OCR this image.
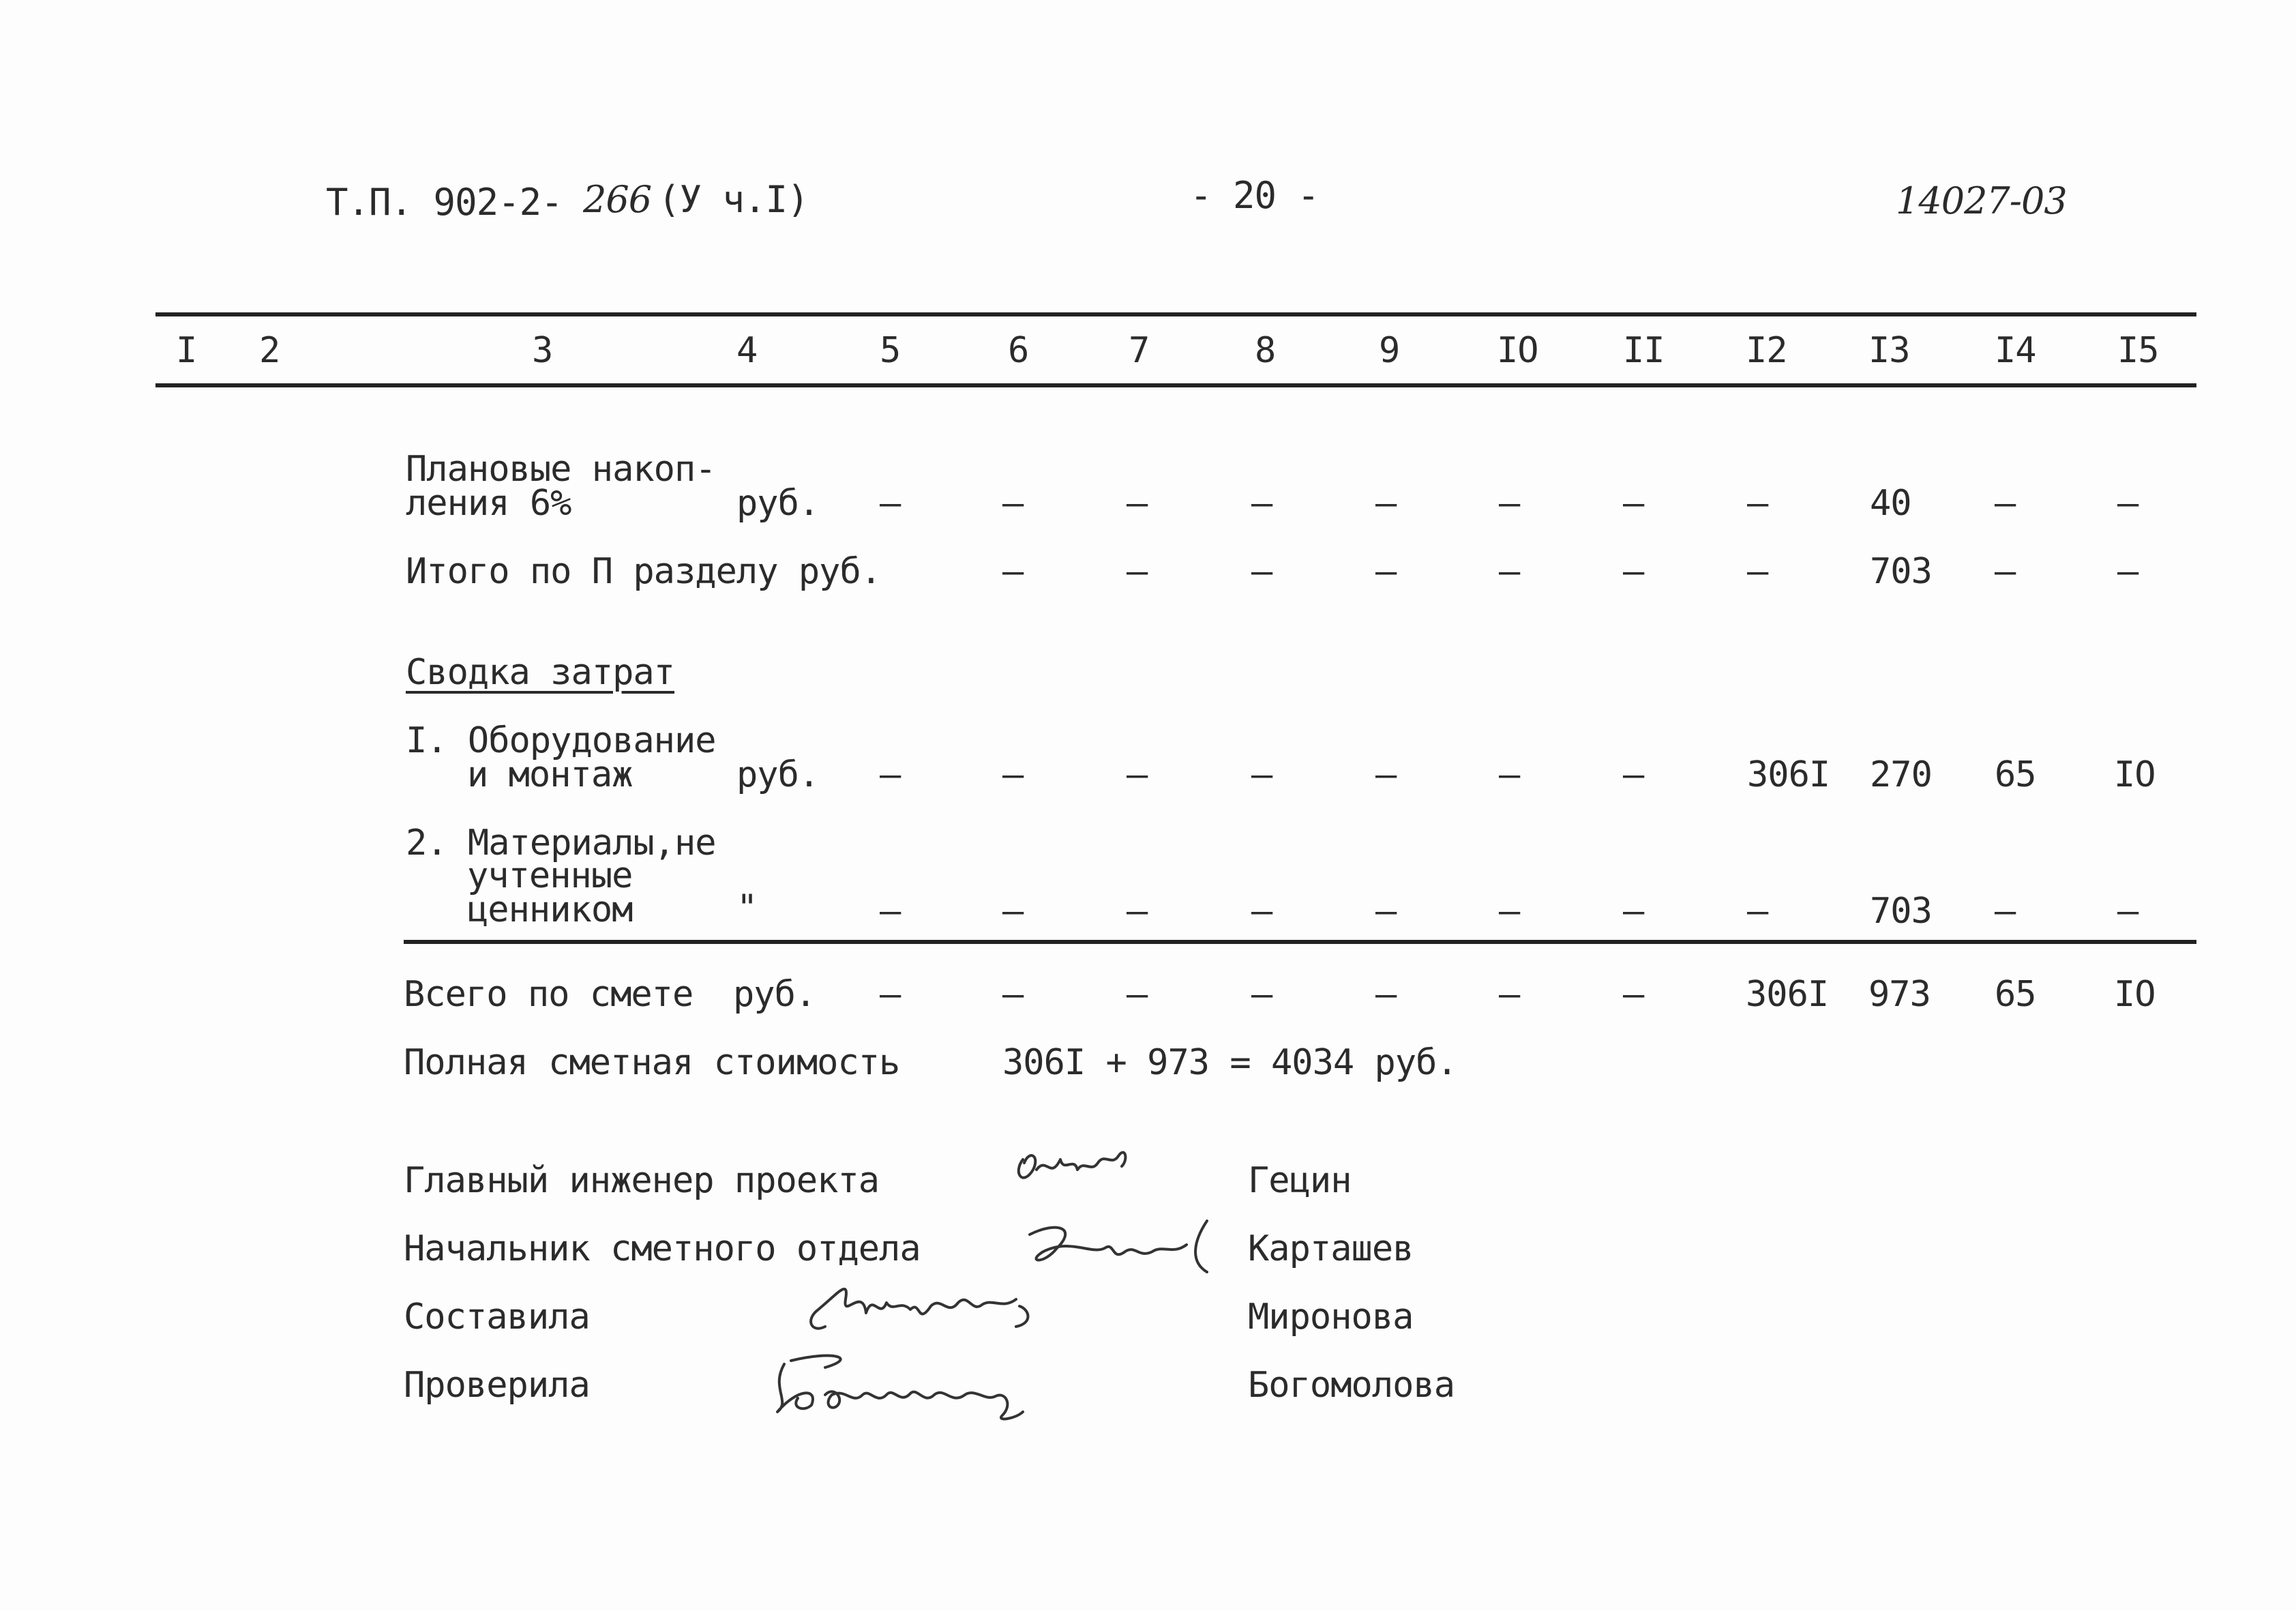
Т.П. 902-2- 266 (У ч.I)	- 20 -	14027-03
I 2	3	4	5	6	7	8	9	IO II I2 I3 I4 I5
Плановые накоп-
ления 6%	руб. –	–	–	–	–	–	–	–	40 –	–
Итого по П разделу руб.	–	–	–	–	–	–	–	703 –	–
Сводка затрат
I. Оборудование
и монтаж	руб. –	–	–	–	–	–	–	306I 270 65 IO
2. Материалы,не
учтенные
ценником	"	–	–	–	–	–	–	–	–	703 –	–
Всего по смете руб. –	–	–	–	–	–	–	306I 973 65 IO
Полная сметная стоимость	306I + 973 = 4034 руб.
Главный инженер проекта	Гецин
Начальник сметного отдела	Карташев
Составила	Миронова
Проверила	Богомолова
